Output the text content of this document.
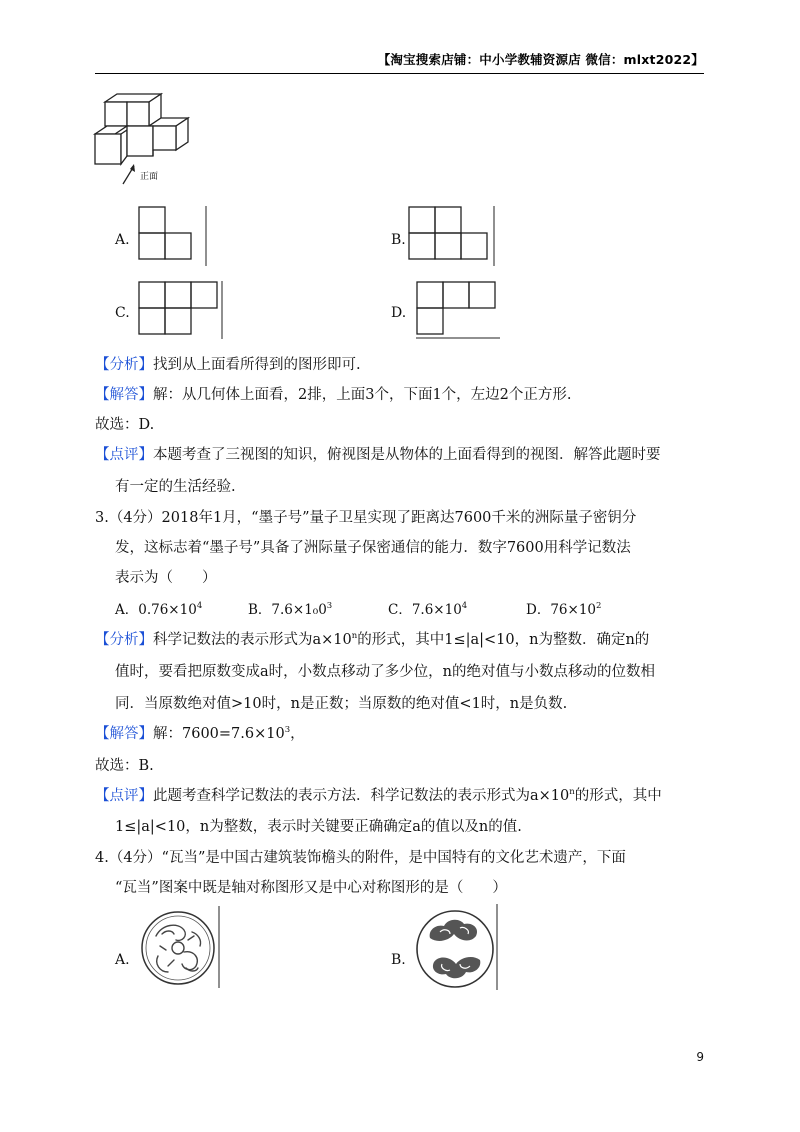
【淘宝搜索店铺：中小学教辅资源店 微信：mlxt2022】
正面
A.	B.
C.	D.
【分析】找到从上面看所得到的图形即可.
【解答】解：从几何体上面看，2排，上面3个，下面1个，左边2个正方形.
故选：D.
【点评】本题考查了三视图的知识，俯视图是从物体的上面看得到的视图．解答此题时要
有一定的生活经验.
3.（4分）2018年1月，“墨子号”量子卫星实现了距离达7600千米的洲际量子密钥分
发，这标志着“墨子号”具备了洲际量子保密通信的能力．数字7600用科学记数法
表示为（　　）
A．$0.76\times 10^4$	B．$7.6\times 1_00^3$	C．$7.6\times 10^4$	D．$76\times 10^2$
【分析】科学记数法的表示形式为$a\times 10^n$的形式，其中1≤|a|<10，n为整数．确定n的
值时，要看把原数变成a时，小数点移动了多少位，n的绝对值与小数点移动的位数相
同．当原数绝对值>10时，n是正数；当原数的绝对值<1时，n是负数.
【解答】解：$7600=7.6\times 10^3$，
故选：B.
【点评】此题考查科学记数法的表示方法．科学记数法的表示形式为$a\times 10^n$的形式，其中
1≤|a|<10，n为整数，表示时关键要正确确定a的值以及n的值.
4.（4分）“瓦当”是中国古建筑装饰檐头的附件，是中国特有的文化艺术遗产，下面
“瓦当”图案中既是轴对称图形又是中心对称图形的是（　　）
A.	B.
9
